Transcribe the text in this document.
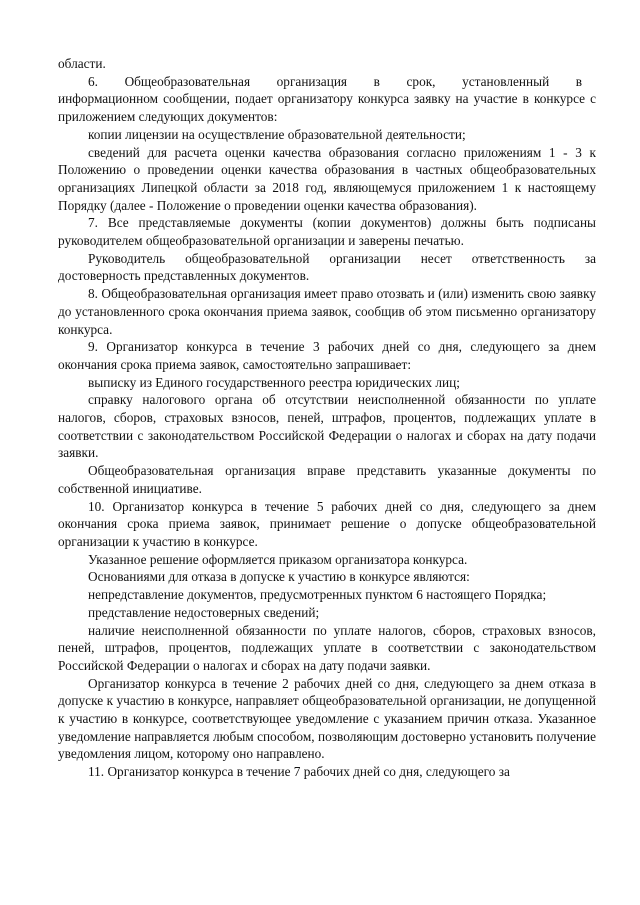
области.

6.  Общеобразовательная  организация  в  срок,  установленный  в информационном сообщении, подает организатору конкурса заявку на участие в конкурсе с приложением следующих документов:

копии лицензии на осуществление образовательной деятельности;

сведений для расчета оценки качества образования согласно приложениям 1 - 3 к Положению о проведении оценки качества образования в частных общеобразовательных организациях Липецкой области за 2018 год, являющемуся приложением 1 к настоящему Порядку (далее - Положение о проведении оценки качества образования).

7. Все представляемые документы (копии документов) должны быть подписаны руководителем общеобразовательной организации и заверены печатью.

Руководитель общеобразовательной организации несет ответственность за достоверность представленных документов.

8. Общеобразовательная организация имеет право отозвать и (или) изменить свою заявку до установленного срока окончания приема заявок, сообщив об этом письменно организатору конкурса.

9. Организатор конкурса в течение 3 рабочих дней со дня, следующего за днем окончания срока приема заявок, самостоятельно запрашивает:

выписку из Единого государственного реестра юридических лиц;

справку налогового органа об отсутствии неисполненной обязанности по уплате налогов, сборов, страховых взносов, пеней, штрафов, процентов, подлежащих уплате в соответствии с законодательством Российской Федерации о налогах и сборах на дату подачи заявки.

Общеобразовательная организация вправе представить указанные документы по собственной инициативе.

10. Организатор конкурса в течение 5 рабочих дней со дня, следующего за днем окончания срока приема заявок, принимает решение о допуске общеобразовательной организации к участию в конкурсе.

Указанное решение оформляется приказом организатора конкурса.

Основаниями для отказа в допуске к участию в конкурсе являются:

непредставление документов, предусмотренных пунктом 6 настоящего Порядка;

представление недостоверных сведений;

наличие неисполненной обязанности по уплате налогов, сборов, страховых взносов, пеней, штрафов, процентов, подлежащих уплате в соответствии с законодательством Российской Федерации о налогах и сборах на дату подачи заявки.

Организатор конкурса в течение 2 рабочих дней со дня, следующего за днем отказа в допуске к участию в конкурсе, направляет общеобразовательной организации, не допущенной к участию в конкурсе, соответствующее уведомление с указанием причин отказа. Указанное уведомление направляется любым способом, позволяющим достоверно установить получение уведомления лицом, которому оно направлено.

11. Организатор конкурса в течение 7 рабочих дней со дня, следующего за
